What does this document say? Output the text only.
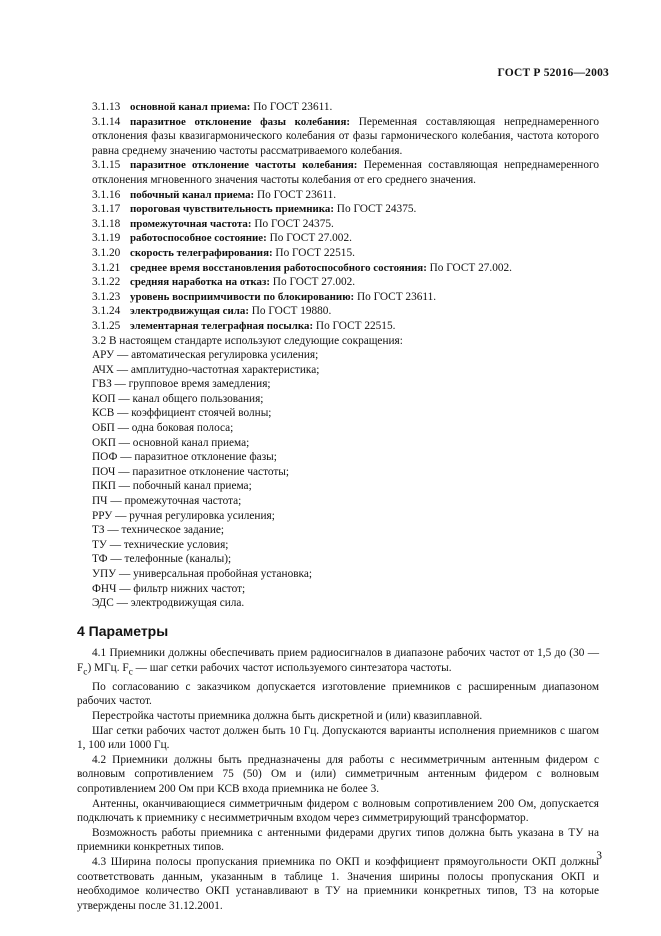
ГОСТ Р 52016—2003

3.1.13 основной канал приема: По ГОСТ 23611.

3.1.14 паразитное отклонение фазы колебания: Переменная составляющая непреднамеренного отклонения фазы квазигармонического колебания от фазы гармонического колебания, частота которого равна среднему значению частоты рассматриваемого колебания.

3.1.15 паразитное отклонение частоты колебания: Переменная составляющая непреднамеренного отклонения мгновенного значения частоты колебания от его среднего значения.

3.1.16 побочный канал приема: По ГОСТ 23611.

3.1.17 пороговая чувствительность приемника: По ГОСТ 24375.

3.1.18 промежуточная частота: По ГОСТ 24375.

3.1.19 работоспособное состояние: По ГОСТ 27.002.

3.1.20 скорость телеграфирования: По ГОСТ 22515.

3.1.21 среднее время восстановления работоспособного состояния: По ГОСТ 27.002.

3.1.22 средняя наработка на отказ: По ГОСТ 27.002.

3.1.23 уровень восприимчивости по блокированию: По ГОСТ 23611.

3.1.24 электродвижущая сила: По ГОСТ 19880.

3.1.25 элементарная телеграфная посылка: По ГОСТ 22515.

3.2 В настоящем стандарте используют следующие сокращения:

АРУ — автоматическая регулировка усиления;

АЧХ — амплитудно-частотная характеристика;

ГВЗ — групповое время замедления;

КОП — канал общего пользования;

КСВ — коэффициент стоячей волны;

ОБП — одна боковая полоса;

ОКП — основной канал приема;

ПОФ — паразитное отклонение фазы;

ПОЧ — паразитное отклонение частоты;

ПКП — побочный канал приема;

ПЧ — промежуточная частота;

РРУ — ручная регулировка усиления;

ТЗ — техническое задание;

ТУ — технические условия;

ТФ — телефонные (каналы);

УПУ — универсальная пробойная установка;

ФНЧ — фильтр нижних частот;

ЭДС — электродвижущая сила.

4 Параметры

4.1 Приемники должны обеспечивать прием радиосигналов в диапазоне рабочих частот от 1,5 до (30 — $F_c$) МГц. $F_c$ — шаг сетки рабочих частот используемого синтезатора частоты.

По согласованию с заказчиком допускается изготовление приемников с расширенным диапазоном рабочих частот.

Перестройка частоты приемника должна быть дискретной и (или) квазиплавной.

Шаг сетки рабочих частот должен быть 10 Гц. Допускаются варианты исполнения приемников с шагом 1, 100 или 1000 Гц.

4.2 Приемники должны быть предназначены для работы с несимметричным антенным фидером с волновым сопротивлением 75 (50) Ом и (или) симметричным антенным фидером с волновым сопротивлением 200 Ом при КСВ входа приемника не более 3.

Антенны, оканчивающиеся симметричным фидером с волновым сопротивлением 200 Ом, допускается подключать к приемнику с несимметричным входом через симметрирующий трансформатор.

Возможность работы приемника с антенными фидерами других типов должна быть указана в ТУ на приемники конкретных типов.

4.3 Ширина полосы пропускания приемника по ОКП и коэффициент прямоугольности ОКП должны соответствовать данным, указанным в таблице 1. Значения ширины полосы пропускания ОКП и необходимое количество ОКП устанавливают в ТУ на приемники конкретных типов, ТЗ на которые утверждены после 31.12.2001.

3
